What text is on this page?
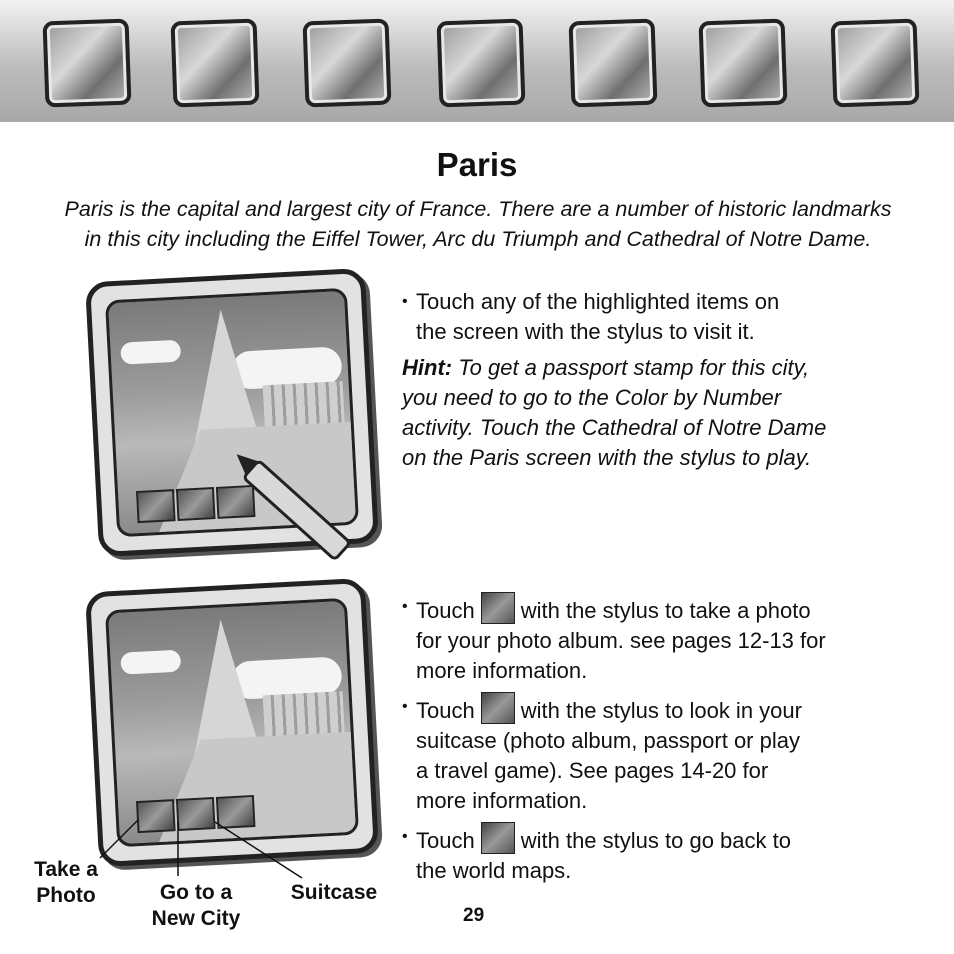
Paris
Paris is the capital and largest city of France. There are a number of historic landmarks
in this city including the Eiffel Tower, Arc du Triumph and Cathedral of Notre Dame.
Take a
Photo	Go to a
New City
Suitcase
• Touch any of the highlighted items on
the screen with the stylus to visit it.
Hint: To get a passport stamp for this city,
you need to go to the Color by Number
activity. Touch the Cathedral of Notre Dame
on the Paris screen with the stylus to play.
• Touch with the stylus to take a photo
for your photo album. see pages 12-13 for
more information.
• Touch with the stylus to look in your
suitcase (photo album, passport or play
a travel game). See pages 14-20 for
more information.
• Touch with the stylus to go back to
the world maps.
29
